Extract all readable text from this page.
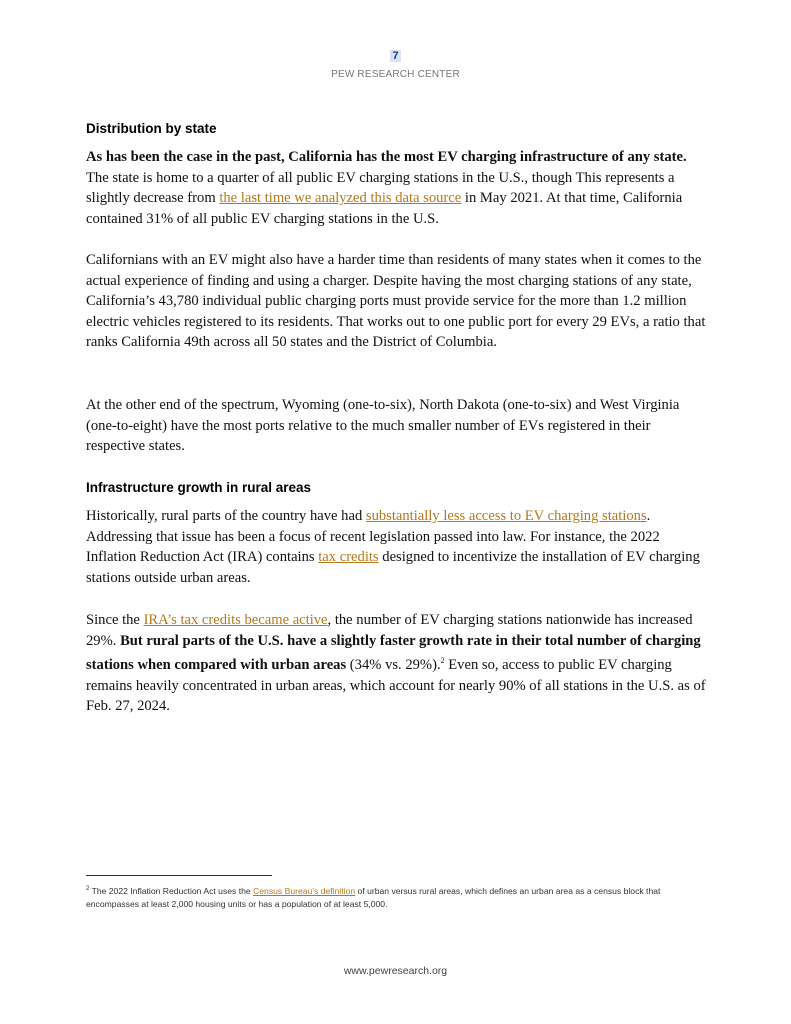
7
PEW RESEARCH CENTER
Distribution by state

As has been the case in the past, California has the most EV charging infrastructure of any state. The state is home to a quarter of all public EV charging stations in the U.S., though This represents a slightly decrease from the last time we analyzed this data source in May 2021. At that time, California contained 31% of all public EV charging stations in the U.S.

Californians with an EV might also have a harder time than residents of many states when it comes to the actual experience of finding and using a charger. Despite having the most charging stations of any state, California’s 43,780 individual public charging ports must provide service for the more than 1.2 million electric vehicles registered to its residents. That works out to one public port for every 29 EVs, a ratio that ranks California 49th across all 50 states and the District of Columbia.

At the other end of the spectrum, Wyoming (one-to-six), North Dakota (one-to-six) and West Virginia (one-to-eight) have the most ports relative to the much smaller number of EVs registered in their respective states.

Infrastructure growth in rural areas

Historically, rural parts of the country have had substantially less access to EV charging stations. Addressing that issue has been a focus of recent legislation passed into law. For instance, the 2022 Inflation Reduction Act (IRA) contains tax credits designed to incentivize the installation of EV charging stations outside urban areas.

Since the IRA’s tax credits became active, the number of EV charging stations nationwide has increased 29%. But rural parts of the U.S. have a slightly faster growth rate in their total number of charging stations when compared with urban areas (34% vs. 29%).$^2$ Even so, access to public EV charging remains heavily concentrated in urban areas, which account for nearly 90% of all stations in the U.S. as of Feb. 27, 2024.

$^2$ The 2022 Inflation Reduction Act uses the Census Bureau’s definition of urban versus rural areas, which defines an urban area as a census block that encompasses at least 2,000 housing units or has a population of at least 5,000.
www.pewresearch.org
